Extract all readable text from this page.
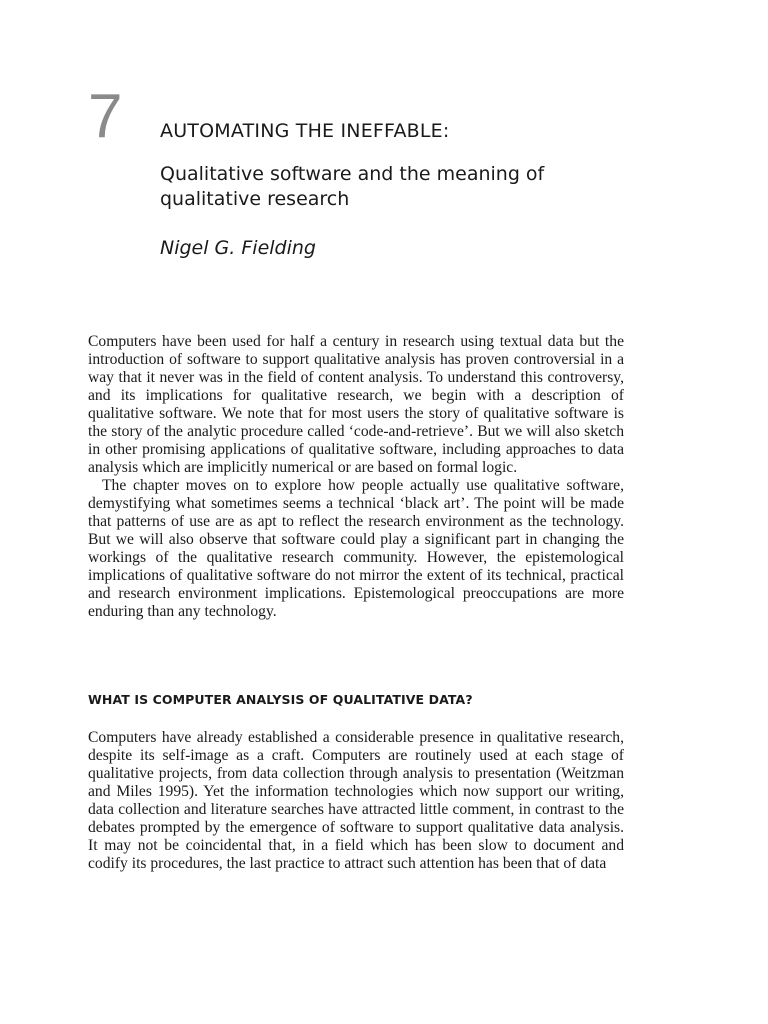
7 AUTOMATING THE INEFFABLE:
Qualitative software and the meaning of qualitative research
Nigel G. Fielding

Computers have been used for half a century in research using textual data but the introduction of software to support qualitative analysis has proven controversial in a way that it never was in the field of content analysis. To understand this controversy, and its implications for qualitative research, we begin with a description of qualitative software. We note that for most users the story of qualitative software is the story of the analytic procedure called ‘code-and-retrieve’. But we will also sketch in other promising applications of qualitative software, including approaches to data analysis which are implicitly numerical or are based on formal logic.

The chapter moves on to explore how people actually use qualitative software, demystifying what sometimes seems a technical ‘black art’. The point will be made that patterns of use are as apt to reflect the research environment as the technology. But we will also observe that software could play a significant part in changing the workings of the qualitative research community. However, the epistemological implications of qualitative software do not mirror the extent of its technical, practical and research environment implications. Epistemological preoccupations are more enduring than any technology.

WHAT IS COMPUTER ANALYSIS OF QUALITATIVE DATA?

Computers have already established a considerable presence in qualitative research, despite its self-image as a craft. Computers are routinely used at each stage of qualitative projects, from data collection through analysis to presentation (Weitzman and Miles 1995). Yet the information technologies which now support our writing, data collection and literature searches have attracted little comment, in contrast to the debates prompted by the emergence of software to support qualitative data analysis. It may not be coincidental that, in a field which has been slow to document and codify its procedures, the last practice to attract such attention has been that of data
